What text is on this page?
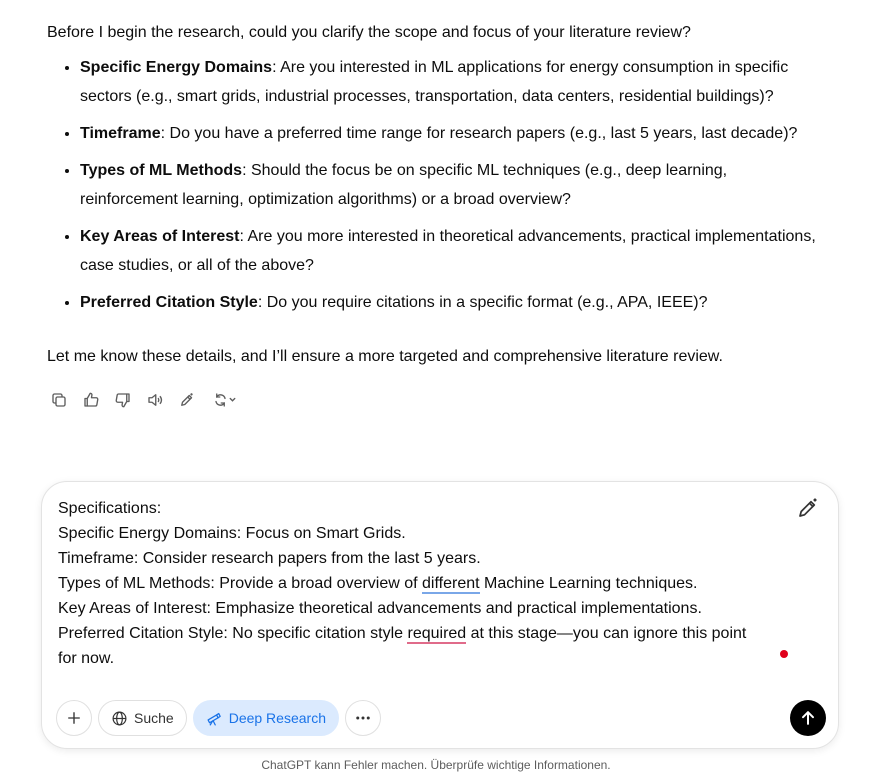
Before I begin the research, could you clarify the scope and focus of your literature review?

• Specific Energy Domains: Are you interested in ML applications for energy consumption in specific sectors (e.g., smart grids, industrial processes, transportation, data centers, residential buildings)?
• Timeframe: Do you have a preferred time range for research papers (e.g., last 5 years, last decade)?
• Types of ML Methods: Should the focus be on specific ML techniques (e.g., deep learning, reinforcement learning, optimization algorithms) or a broad overview?
• Key Areas of Interest: Are you more interested in theoretical advancements, practical implementations, case studies, or all of the above?
• Preferred Citation Style: Do you require citations in a specific format (e.g., APA, IEEE)?

Let me know these details, and I’ll ensure a more targeted and comprehensive literature review.

Specifications:
Specific Energy Domains: Focus on Smart Grids.
Timeframe: Consider research papers from the last 5 years.
Types of ML Methods: Provide a broad overview of different Machine Learning techniques.
Key Areas of Interest: Emphasize theoretical advancements and practical implementations.
Preferred Citation Style: No specific citation style required at this stage—you can ignore this point
for now.
Suche	Deep Research
ChatGPT kann Fehler machen. Überprüfe wichtige Informationen.
